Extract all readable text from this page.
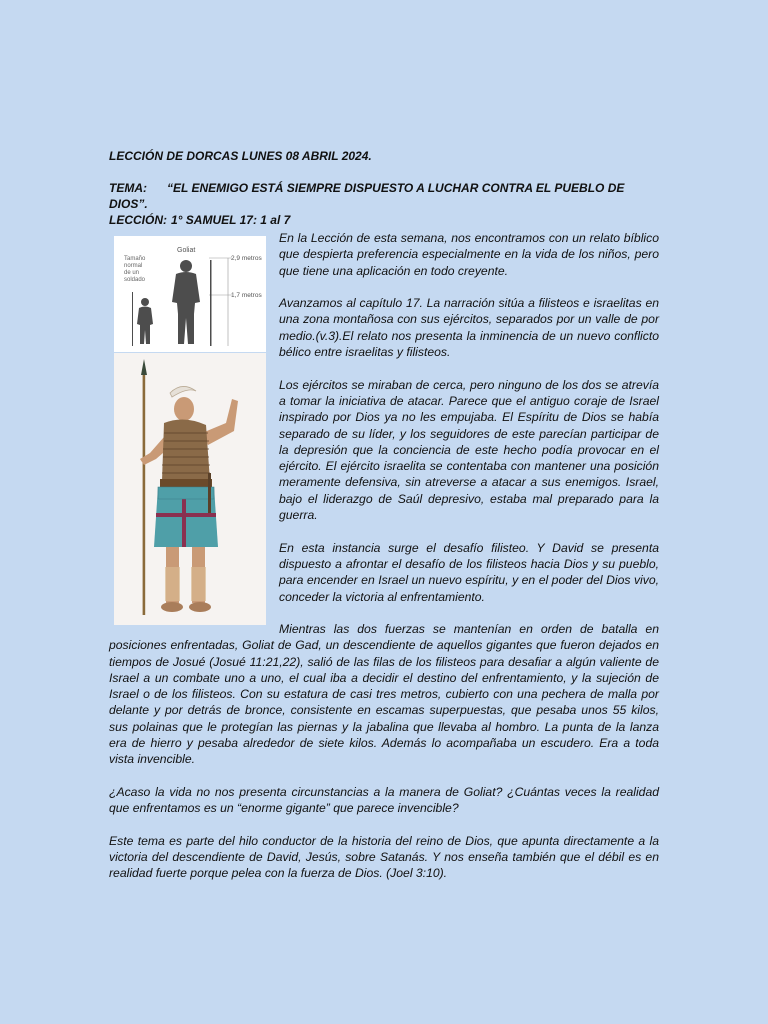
LECCIÓN DE DORCAS LUNES 08 ABRIL 2024.

TEMA: “EL ENEMIGO ESTÁ SIEMPRE DISPUESTO A LUCHAR CONTRA EL PUEBLO DE DIOS”.

LECCIÓN: 1° SAMUEL 17: 1 al 7

Goliat
Tamaño
normal
de un
soldado
2,9 metros
1,7 metros

En la Lección de esta semana, nos encontramos con un relato bíblico que despierta preferencia especialmente en la vida de los niños, pero que tiene una aplicación en todo creyente.

Avanzamos al capítulo 17. La narración sitúa a filisteos e israelitas en una zona montañosa con sus ejércitos, separados por un valle de por medio.(v.3).El relato nos presenta la inminencia de un nuevo conflicto bélico entre israelitas y filisteos.

Los ejércitos se miraban de cerca, pero ninguno de los dos se atrevía a tomar la iniciativa de atacar. Parece que el antiguo coraje de Israel inspirado por Dios ya no les empujaba. El Espíritu de Dios se había separado de su líder, y los seguidores de este parecían participar de la depresión que la conciencia de este hecho podía provocar en el ejército. El ejército israelita se contentaba con mantener una posición meramente defensiva, sin atreverse a atacar a sus enemigos. Israel, bajo el liderazgo de Saúl depresivo, estaba mal preparado para la guerra.

En esta instancia surge el desafío filisteo. Y David se presenta dispuesto a afrontar el desafío de los filisteos hacia Dios y su pueblo, para encender en Israel un nuevo espíritu, y en el poder del Dios vivo, conceder la victoria al enfrentamiento.

Mientras las dos fuerzas se mantenían en orden de batalla en posiciones enfrentadas, Goliat de Gad, un descendiente de aquellos gigantes que fueron dejados en tiempos de Josué (Josué 11:21,22), salió de las filas de los filisteos para desafiar a algún valiente de Israel a un combate uno a uno, el cual iba a decidir el destino del enfrentamiento, y la sujeción de Israel o de los filisteos. Con su estatura de casi tres metros, cubierto con una pechera de malla por delante y por detrás de bronce, consistente en escamas superpuestas, que pesaba unos 55 kilos, sus polainas que le protegían las piernas y la jabalina que llevaba al hombro. La punta de la lanza era de hierro y pesaba alrededor de siete kilos. Además lo acompañaba un escudero. Era a toda vista invencible.

¿Acaso la vida no nos presenta circunstancias a la manera de Goliat? ¿Cuántas veces la realidad que enfrentamos es un “enorme gigante” que parece invencible?

Este tema es parte del hilo conductor de la historia del reino de Dios, que apunta directamente a la victoria del descendiente de David, Jesús, sobre Satanás. Y nos enseña también que el débil es en realidad fuerte porque pelea con la fuerza de Dios. (Joel 3:10).
